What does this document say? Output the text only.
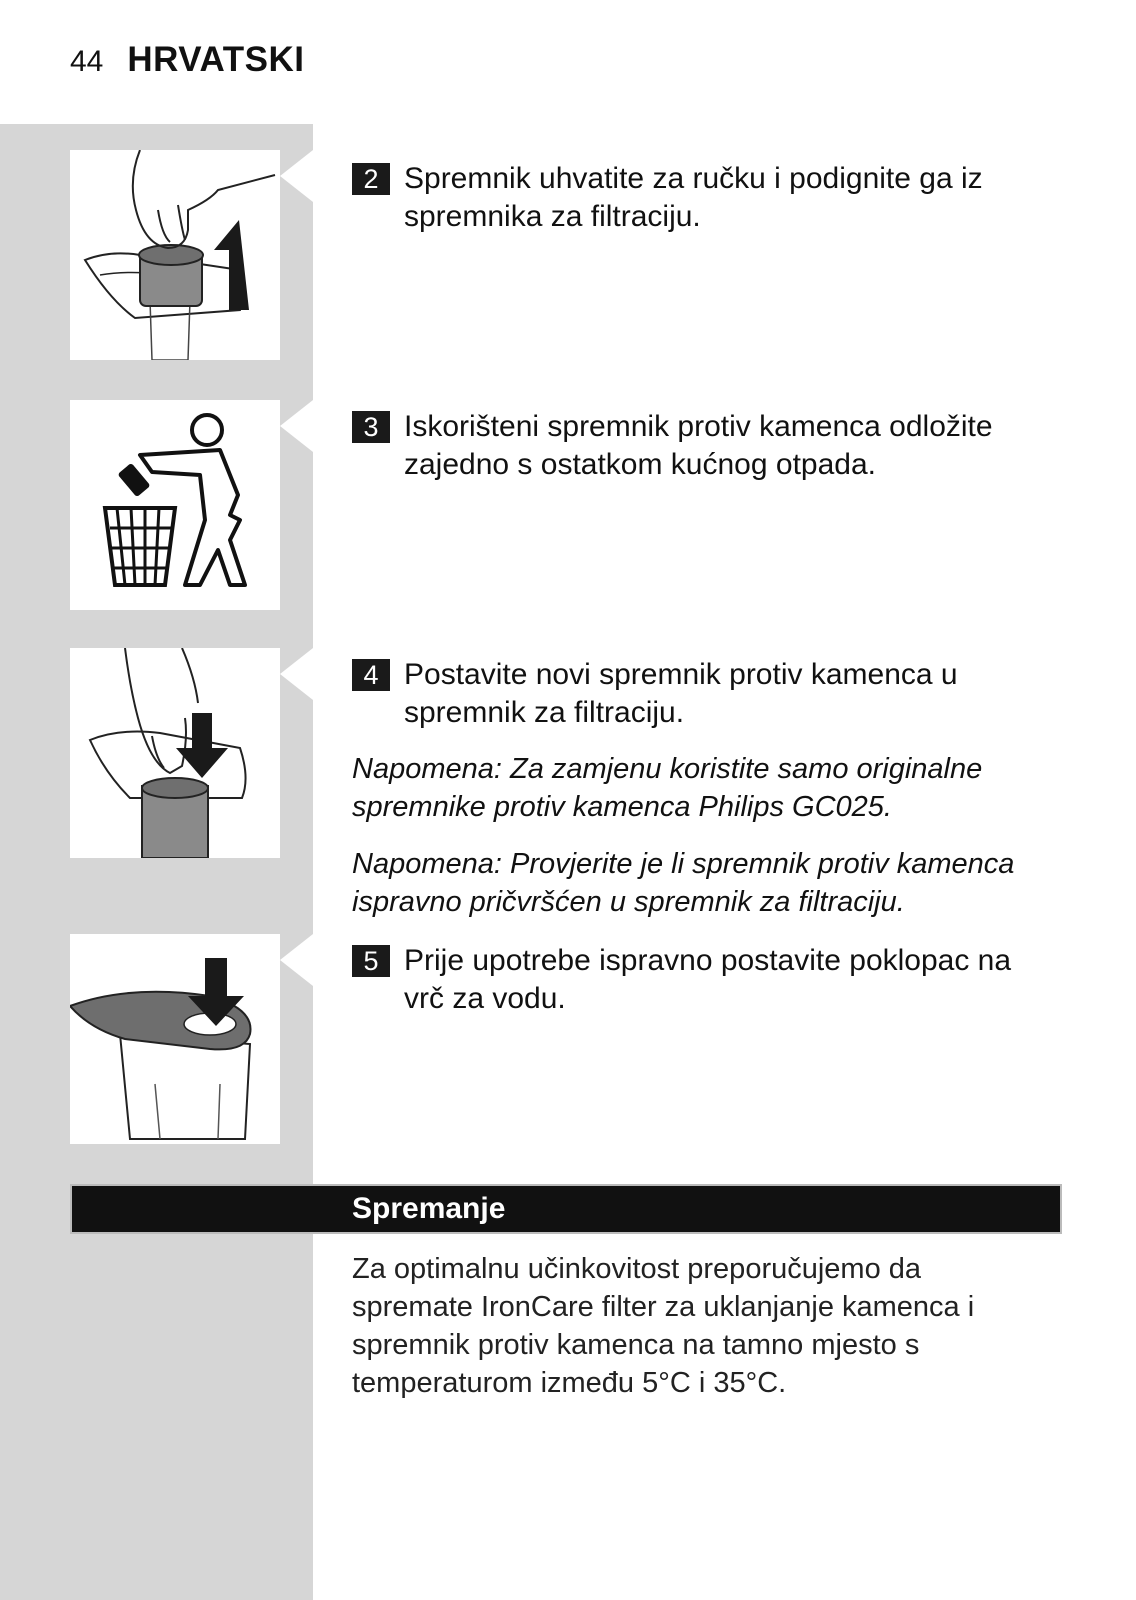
44 HRVATSKI
2 Spremnik uhvatite za ručku i podignite ga iz spremnika za filtraciju.
3 Iskorišteni spremnik protiv kamenca odložite zajedno s ostatkom kućnog otpada.
4 Postavite novi spremnik protiv kamenca u spremnik za filtraciju.
Napomena: Za zamjenu koristite samo originalne spremnike protiv kamenca Philips GC025.
Napomena: Provjerite je li spremnik protiv kamenca ispravno pričvršćen u spremnik za filtraciju.
5 Prije upotrebe ispravno postavite poklopac na vrč za vodu.
Spremanje
Za optimalnu učinkovitost preporučujemo da spremate IronCare filter za uklanjanje kamenca i spremnik protiv kamenca na tamno mjesto s temperaturom između 5°C i 35°C.
